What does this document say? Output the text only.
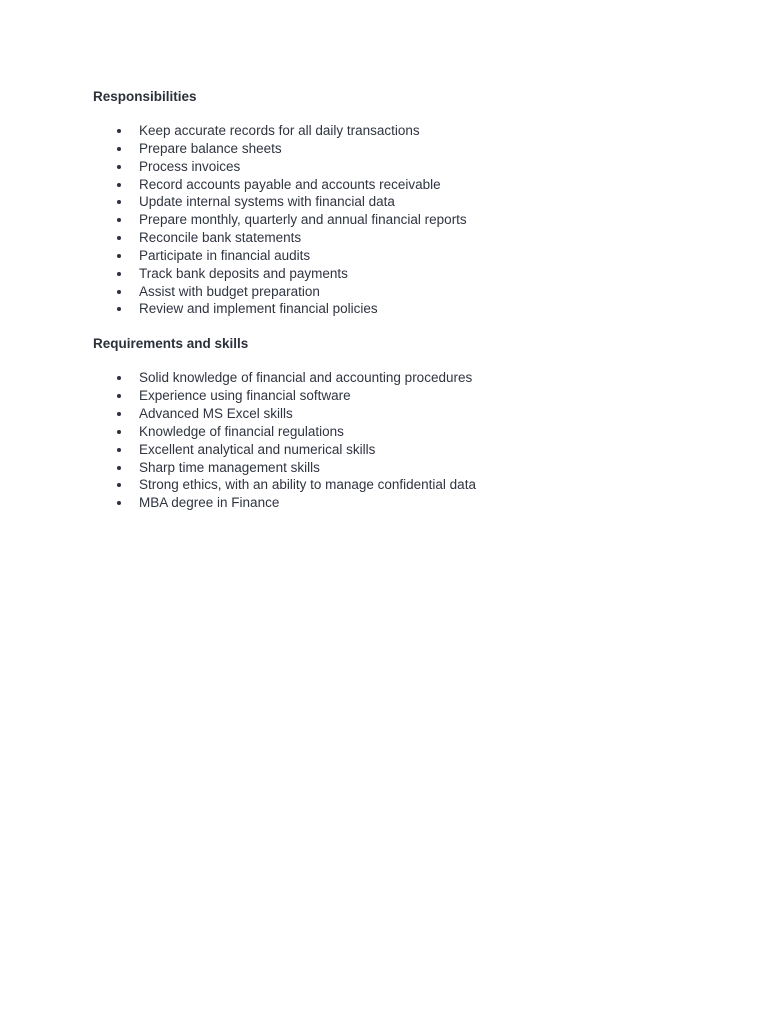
Responsibilities
Keep accurate records for all daily transactions
Prepare balance sheets
Process invoices
Record accounts payable and accounts receivable
Update internal systems with financial data
Prepare monthly, quarterly and annual financial reports
Reconcile bank statements
Participate in financial audits
Track bank deposits and payments
Assist with budget preparation
Review and implement financial policies
Requirements and skills
Solid knowledge of financial and accounting procedures
Experience using financial software
Advanced MS Excel skills
Knowledge of financial regulations
Excellent analytical and numerical skills
Sharp time management skills
Strong ethics, with an ability to manage confidential data
MBA degree in Finance
